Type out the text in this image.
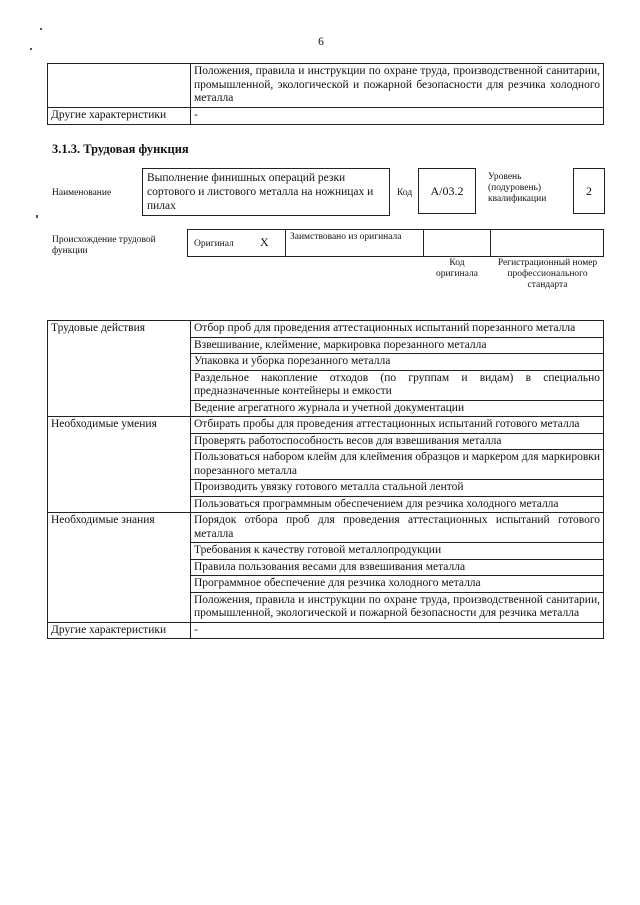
6
	Положения, правила и инструкции по охране труда, производственной санитарии, промышленной, экологической и пожарной безопасности для резчика холодного металла
Другие характеристики	-
3.1.3. Трудовая функция
Наименование
Выполнение финишных операций резки сортового и листового металла на ножницах и пилах
Код	А/03.2
Уровень (подуровень) квалификации
2
Происхождение трудовой функции
Оригинал X Заимствовано из оригинала
Код оригинала
Регистрационный номер профессионального стандарта
Трудовые действия	Отбор проб для проведения аттестационных испытаний порезанного металла
	Взвешивание, клеймение, маркировка порезанного металла
	Упаковка и уборка порезанного металла
	Раздельное накопление отходов (по группам и видам) в специально предназначенные контейнеры и емкости
	Ведение агрегатного журнала и учетной документации
Необходимые умения	Отбирать пробы для проведения аттестационных испытаний готового металла
	Проверять работоспособность весов для взвешивания металла
	Пользоваться набором клейм для клеймения образцов и маркером для маркировки порезанного металла
	Производить увязку готового металла стальной лентой
	Пользоваться программным обеспечением для резчика холодного металла
Необходимые знания	Порядок отбора проб для проведения аттестационных испытаний готового металла
	Требования к качеству готовой металлопродукции
	Правила пользования весами для взвешивания металла
	Программное обеспечение для резчика холодного металла
	Положения, правила и инструкции по охране труда, производственной санитарии, промышленной, экологической и пожарной безопасности для резчика металла
Другие характеристики	-
